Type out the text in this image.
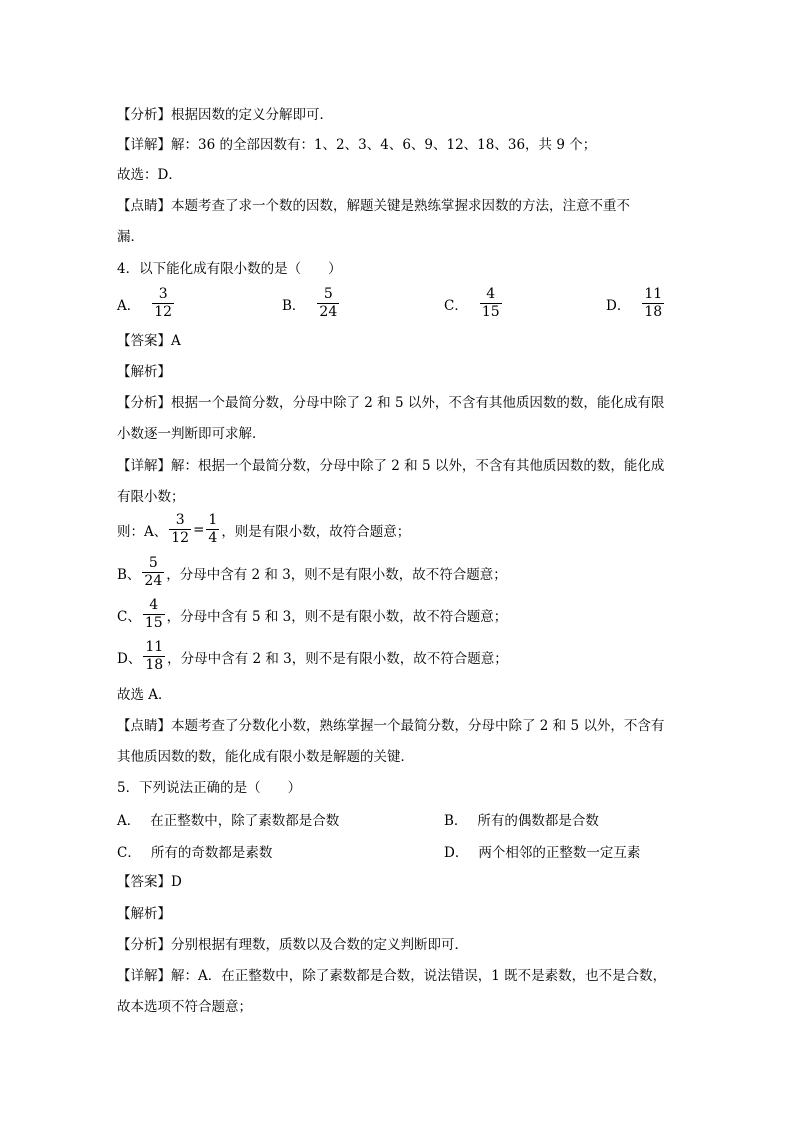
【分析】根据因数的定义分解即可．
【详解】解：36 的全部因数有：1、2、3、4、6、9、12、18、36，共 9 个；
故选：D．
【点睛】本题考查了求一个数的因数，解题关键是熟练掌握求因数的方法，注意不重不
漏．
4．以下能化成有限小数的是（　　）
A． $\frac{3}{12}$	B． $\frac{5}{24}$	C． $\frac{4}{15}$	D． $\frac{11}{18}$
【答案】A
【解析】
【分析】根据一个最简分数，分母中除了 2 和 5 以外，不含有其他质因数的数，能化成有限
小数逐一判断即可求解．
【详解】解：根据一个最简分数，分母中除了 2 和 5 以外，不含有其他质因数的数，能化成
有限小数；
则：A、 $\frac{3}{12} = \frac{1}{4}$ ，则是有限小数，故符合题意；
B、 $\frac{5}{24}$ ，分母中含有 2 和 3，则不是有限小数，故不符合题意；
C、 $\frac{4}{15}$ ，分母中含有 5 和 3，则不是有限小数，故不符合题意；
D、 $\frac{11}{18}$ ，分母中含有 2 和 3，则不是有限小数，故不符合题意；
故选 A．
【点睛】本题考查了分数化小数，熟练掌握一个最简分数，分母中除了 2 和 5 以外，不含有
其他质因数的数，能化成有限小数是解题的关键．
5．下列说法正确的是（　　）
A． 在正整数中，除了素数都是合数	B． 所有的偶数都是合数
C． 所有的奇数都是素数	D． 两个相邻的正整数一定互素
【答案】D
【解析】
【分析】分别根据有理数，质数以及合数的定义判断即可．
【详解】解：A．在正整数中，除了素数都是合数，说法错误，1 既不是素数，也不是合数，
故本选项不符合题意；
